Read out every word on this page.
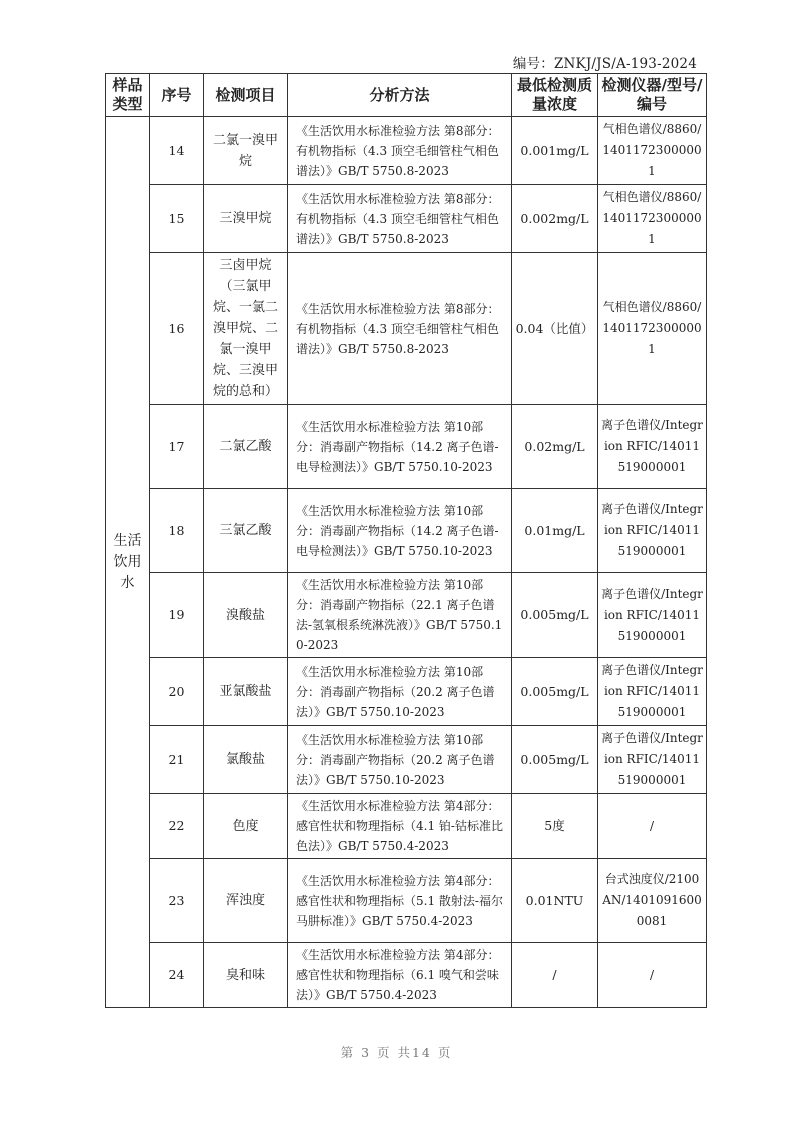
编号：ZNKJ/JS/A-193-2024
样品类型	序号	检测项目	分析方法	最低检测质量浓度	检测仪器/型号/编号
生活饮用水	14	二氯一溴甲烷	《生活饮用水标准检验方法 第8部分：有机物指标（4.3 顶空毛细管柱气相色谱法）》GB/T 5750.8-2023	0.001mg/L	气相色谱仪/8860/14011723000001
	15	三溴甲烷	《生活饮用水标准检验方法 第8部分：有机物指标（4.3 顶空毛细管柱气相色谱法）》GB/T 5750.8-2023	0.002mg/L	气相色谱仪/8860/14011723000001
	16	三卤甲烷（三氯甲烷、一氯二溴甲烷、二氯一溴甲烷、三溴甲烷的总和）	《生活饮用水标准检验方法 第8部分：有机物指标（4.3 顶空毛细管柱气相色谱法）》GB/T 5750.8-2023	0.04（比值）	气相色谱仪/8860/14011723000001
	17	二氯乙酸	《生活饮用水标准检验方法 第10部分：消毒副产物指标（14.2 离子色谱-电导检测法）》GB/T 5750.10-2023	0.02mg/L	离子色谱仪/Integrion RFIC/14011519000001
	18	三氯乙酸	《生活饮用水标准检验方法 第10部分：消毒副产物指标（14.2 离子色谱-电导检测法）》GB/T 5750.10-2023	0.01mg/L	离子色谱仪/Integrion RFIC/14011519000001
	19	溴酸盐	《生活饮用水标准检验方法 第10部分：消毒副产物指标（22.1 离子色谱法-氢氧根系统淋洗液）》GB/T 5750.10-2023	0.005mg/L	离子色谱仪/Integrion RFIC/14011519000001
	20	亚氯酸盐	《生活饮用水标准检验方法 第10部分：消毒副产物指标（20.2 离子色谱法）》GB/T 5750.10-2023	0.005mg/L	离子色谱仪/Integrion RFIC/14011519000001
	21	氯酸盐	《生活饮用水标准检验方法 第10部分：消毒副产物指标（20.2 离子色谱法）》GB/T 5750.10-2023	0.005mg/L	离子色谱仪/Integrion RFIC/14011519000001
	22	色度	《生活饮用水标准检验方法 第4部分：感官性状和物理指标（4.1 铂-钴标准比色法）》GB/T 5750.4-2023	5度	/
	23	浑浊度	《生活饮用水标准检验方法 第4部分：感官性状和物理指标（5.1 散射法-福尔马肼标准）》GB/T 5750.4-2023	0.01NTU	台式浊度仪/2100AN/14010916000081
	24	臭和味	《生活饮用水标准检验方法 第4部分：感官性状和物理指标（6.1 嗅气和尝味法）》GB/T 5750.4-2023	/	/
第 3 页 共14 页
